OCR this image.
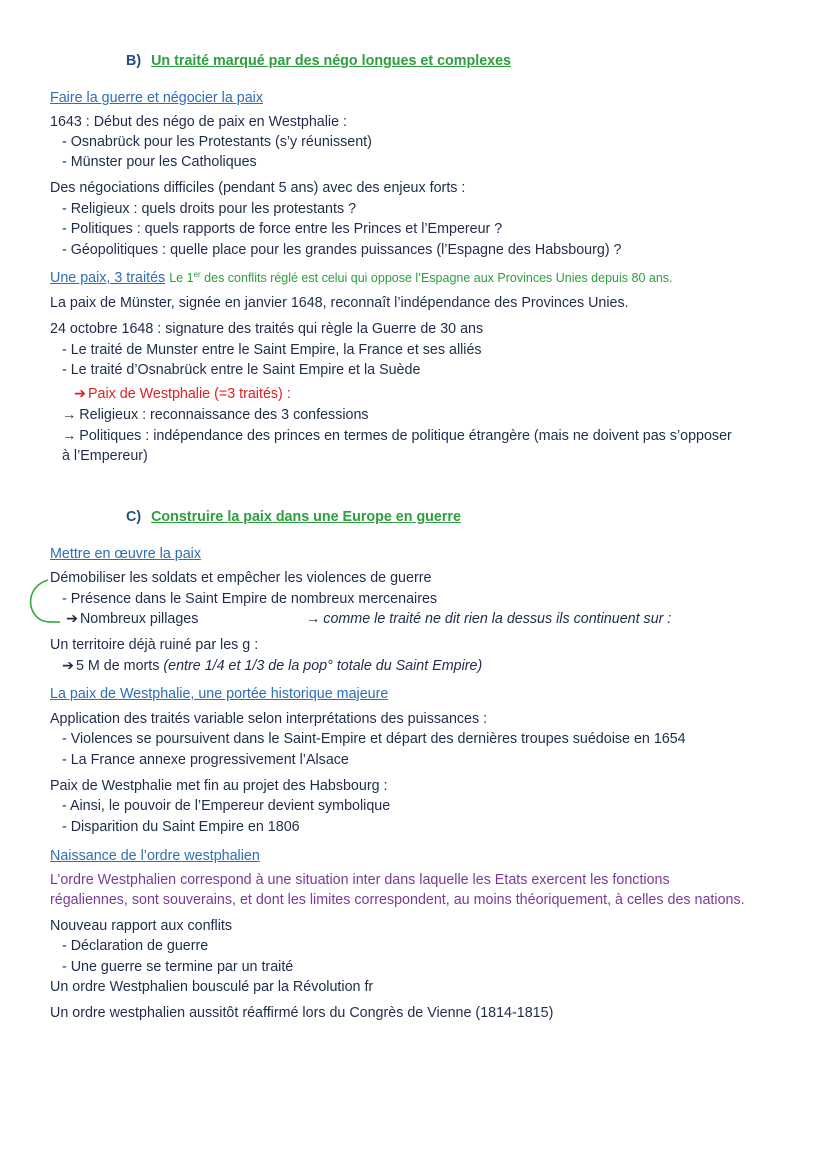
B) Un traité marqué par des négo longues et complexes
Faire la guerre et négocier la paix
1643 : Début des négo de paix en Westphalie :
- Osnabrück pour les Protestants (s’y réunissent)
- Münster pour les Catholiques
Des négociations difficiles (pendant 5 ans) avec des enjeux forts :
- Religieux : quels droits pour les protestants ?
- Politiques : quels rapports de force entre les Princes et l’Empereur ?
- Géopolitiques : quelle place pour les grandes puissances (l’Espagne des Habsbourg) ?
Une paix, 3 traités Le 1er des conflits réglé est celui qui oppose l’Espagne aux Provinces Unies depuis 80 ans.
La paix de Münster, signée en janvier 1648, reconnaît l’indépendance des Provinces Unies.
24 octobre 1648 : signature des traités qui règle la Guerre de 30 ans
- Le traité de Munster entre le Saint Empire, la France et ses alliés
- Le traité d’Osnabrück entre le Saint Empire et la Suède
➔ Paix de Westphalie (=3 traités) :
→ Religieux : reconnaissance des 3 confessions
→ Politiques : indépendance des princes en termes de politique étrangère (mais ne doivent pas s’opposer
à l’Empereur)
C) Construire la paix dans une Europe en guerre
Mettre en œuvre la paix
Démobiliser les soldats et empêcher les violences de guerre
- Présence dans le Saint Empire de nombreux mercenaires
➔ Nombreux pillages	→ comme le traité ne dit rien la dessus ils continuent sur :
Un territoire déjà ruiné par les g :
➔ 5 M de morts (entre 1/4 et 1/3 de la pop° totale du Saint Empire)
La paix de Westphalie, une portée historique majeure
Application des traités variable selon interprétations des puissances :
- Violences se poursuivent dans le Saint-Empire et départ des dernières troupes suédoise en 1654
- La France annexe progressivement l’Alsace
Paix de Westphalie met fin au projet des Habsbourg :
- Ainsi, le pouvoir de l’Empereur devient symbolique
- Disparition du Saint Empire en 1806
Naissance de l’ordre westphalien
L’ordre Westphalien correspond à une situation inter dans laquelle les Etats exercent les fonctions
régaliennes, sont souverains, et dont les limites correspondent, au moins théoriquement, à celles des nations.
Nouveau rapport aux conflits
- Déclaration de guerre
- Une guerre se termine par un traité
Un ordre Westphalien bousculé par la Révolution fr
Un ordre westphalien aussitôt réaffirmé lors du Congrès de Vienne (1814-1815)
